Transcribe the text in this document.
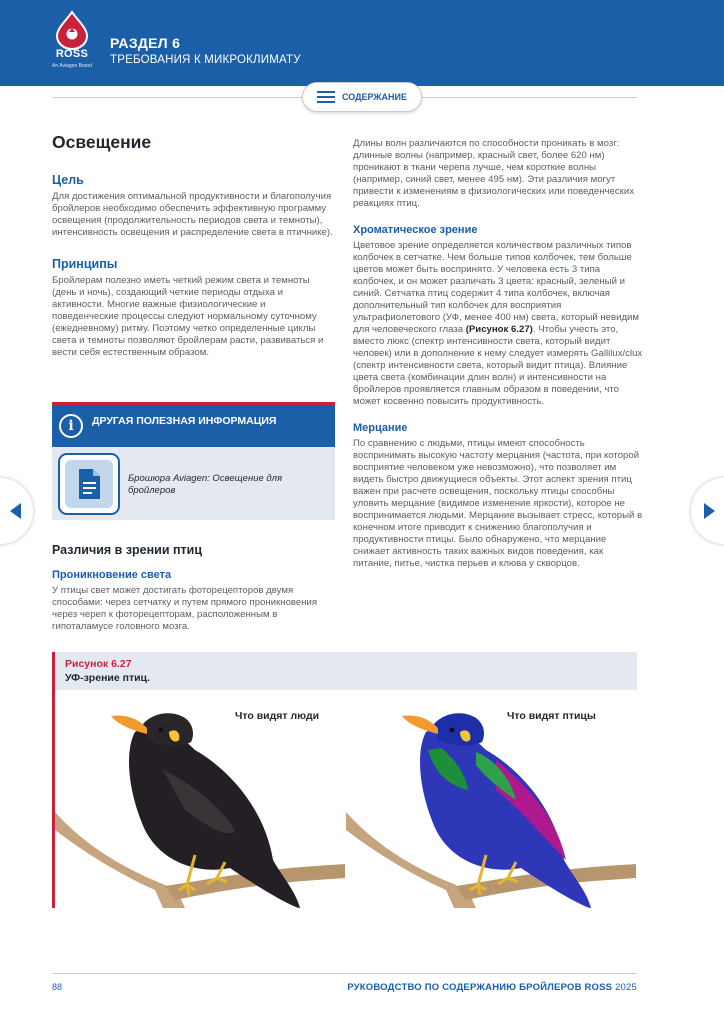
ROSS
An Aviagen Brand
РАЗДЕЛ 6
ТРЕБОВАНИЯ К МИКРОКЛИМАТУ
СОДЕРЖАНИЕ
Освещение
Цель
Для достижения оптимальной продуктивности и благополучия бройлеров необходимо обеспечить эффективную программу освещения (продолжительность периодов света и темноты), интенсивность освещения и распределение света в птичнике).
Принципы
Бройлерам полезно иметь четкий режим света и темноты (день и ночь), создающий четкие периоды отдыха и активности. Многие важные физиологические и поведенческие процессы следуют нормальному суточному (ежедневному) ритму. Поэтому четко определенные циклы света и темноты позволяют бройлерам расти, развиваться и вести себя естественным образом.
i	ДРУГАЯ ПОЛЕЗНАЯ ИНФОРМАЦИЯ
Брошюра Aviagen: Освещение для бройлеров
Различия в зрении птиц
Проникновение света
У птицы свет может достигать фоторецепторов двумя способами: через сетчатку и путем прямого проникновения через череп к фоторецепторам, расположенным в гипоталамусе головного мозга.
Длины волн различаются по способности проникать в мозг: длинные волны (например, красный свет, более 620 нм) проникают в ткани черепа лучше, чем короткие волны (например, синий свет, менее 495 нм). Эти различия могут привести к изменениям в физиологических или поведенческих реакциях птиц.
Хроматическое зрение
Цветовое зрение определяется количеством различных типов колбочек в сетчатке. Чем больше типов колбочек, тем больше цветов может быть воспринято. У человека есть 3 типа колбочек, и он может различать 3 цвета: красный, зеленый и синий. Сетчатка птиц содержит 4 типа колбочек, включая дополнительный тип колбочек для восприятия ультрафиолетового (УФ, менее 400 нм) света, который невидим для человеческого глаза (Рисунок 6.27). Чтобы учесть это, вместо люкс (спектр интенсивности света, который видит человек) или в дополнение к нему следует измерять Gallilux/clux (спектр интенсивности света, который видит птица). Влияние цвета света (комбинации длин волн) и интенсивности на бройлеров проявляется главным образом в поведении, что может косвенно повысить продуктивность.
Мерцание
По сравнению с людьми, птицы имеют способность воспринимать высокую частоту мерцания (частота, при которой восприятие человеком уже невозможно), что позволяет им видеть быстро движущиеся объекты. Этот аспект зрения птиц важен при расчете освещения, поскольку птицы способны уловить мерцание (видимое изменение яркости), которое не воспринимается людьми. Мерцание вызывает стресс, который в конечном итоге приводит к снижению благополучия и продуктивности птицы. Было обнаружено, что мерцание снижает активность таких важных видов поведения, как питание, питье, чистка перьев и клюва у скворцов.
Рисунок 6.27
УФ-зрение птиц.
Что видят люди	Что видят птицы
88	РУКОВОДСТВО ПО СОДЕРЖАНИЮ БРОЙЛЕРОВ ROSS 2025
